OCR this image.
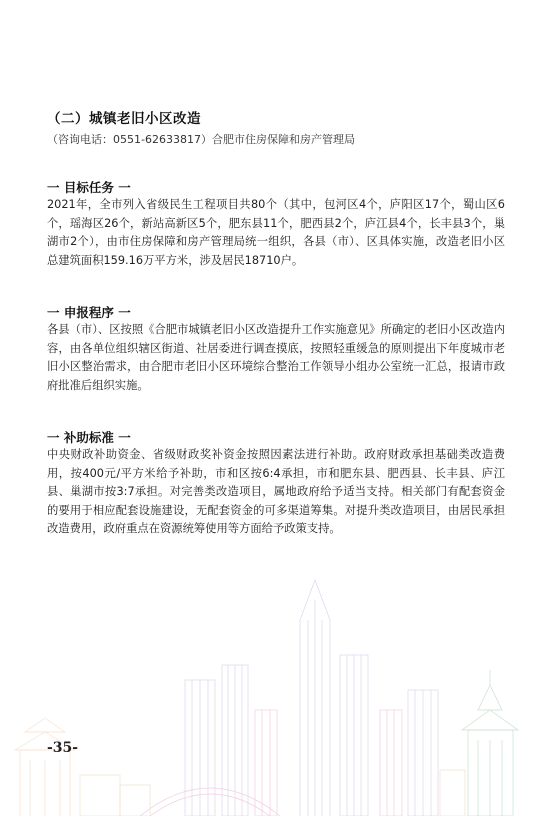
（二）城镇老旧小区改造
（咨询电话：0551-62633817）合肥市住房保障和房产管理局
一 目标任务 一

2021年，全市列入省级民生工程项目共80个（其中，包河区4个，庐阳区17个，蜀山区6个，瑶海区26个，新站高新区5个，肥东县11个，肥西县2个，庐江县4个，长丰县3个，巢湖市2个），由市住房保障和房产管理局统一组织，各县（市）、区具体实施，改造老旧小区总建筑面积159.16万平方米，涉及居民18710户。

一 申报程序 一

各县（市）、区按照《合肥市城镇老旧小区改造提升工作实施意见》所确定的老旧小区改造内容，由各单位组织辖区街道、社居委进行调查摸底，按照轻重缓急的原则提出下年度城市老旧小区整治需求，由合肥市老旧小区环境综合整治工作领导小组办公室统一汇总，报请市政府批准后组织实施。

一 补助标准 一

中央财政补助资金、省级财政奖补资金按照因素法进行补助。政府财政承担基础类改造费用，按400元/平方米给予补助，市和区按6:4承担，市和肥东县、肥西县、长丰县、庐江县、巢湖市按3:7承担。对完善类改造项目，属地政府给予适当支持。相关部门有配套资金的要用于相应配套设施建设，无配套资金的可多渠道筹集。对提升类改造项目，由居民承担改造费用，政府重点在资源统筹使用等方面给予政策支持。

-35-
